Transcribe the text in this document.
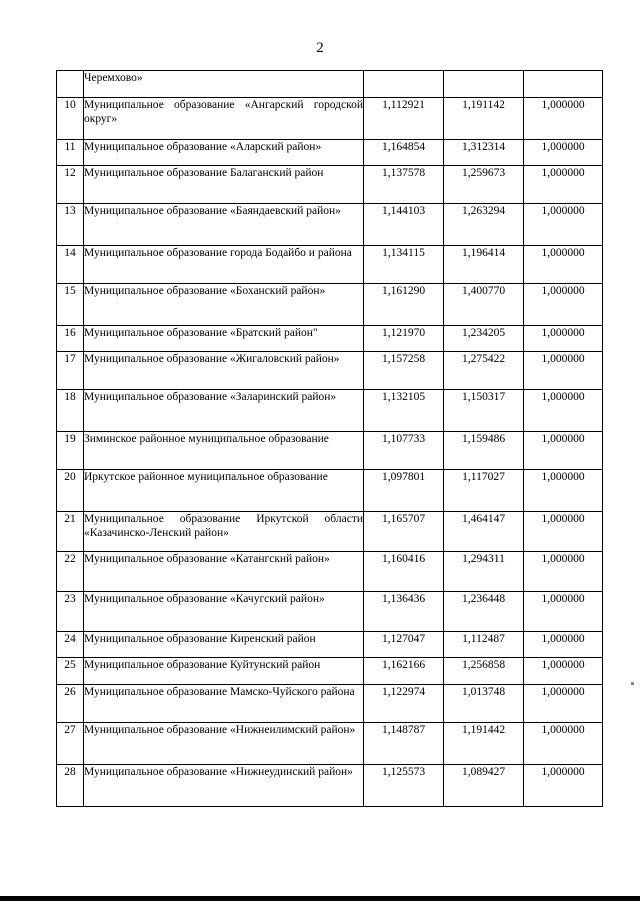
2
	Черемхово»			
10	Муниципальное образование «Ангарский городской округ»	1,112921	1,191142	1,000000
11	Муниципальное образование «Аларский район»	1,164854	1,312314	1,000000
12	Муниципальное образование Балаганский район	1,137578	1,259673	1,000000
13	Муниципальное образование «Баяндаевский район»	1,144103	1,263294	1,000000
14	Муниципальное образование города Бодайбо и района	1,134115	1,196414	1,000000
15	Муниципальное образование «Боханский район»	1,161290	1,400770	1,000000
16	Муниципальное образование «Братский район"	1,121970	1,234205	1,000000
17	Муниципальное образование «Жигаловский район»	1,157258	1,275422	1,000000
18	Муниципальное образование «Заларинский район»	1,132105	1,150317	1,000000
19	Зиминское районное муниципальное образование	1,107733	1,159486	1,000000
20	Иркутское районное муниципальное образование	1,097801	1,117027	1,000000
21	Муниципальное образование Иркутской области «Казачинско-Ленский район»	1,165707	1,464147	1,000000
22	Муниципальное образование «Катангский район»	1,160416	1,294311	1,000000
23	Муниципальное образование «Качугский район»	1,136436	1,236448	1,000000
24	Муниципальное образование Киренский район	1,127047	1,112487	1,000000
25	Муниципальное образование Куйтунский район	1,162166	1,256858	1,000000
26	Муниципальное образование Мамско-Чуйского района	1,122974	1,013748	1,000000
27	Муниципальное образование «Нижнеилимский район»	1,148787	1,191442	1,000000
28	Муниципальное образование «Нижнеудинский район»	1,125573	1,089427	1,000000
